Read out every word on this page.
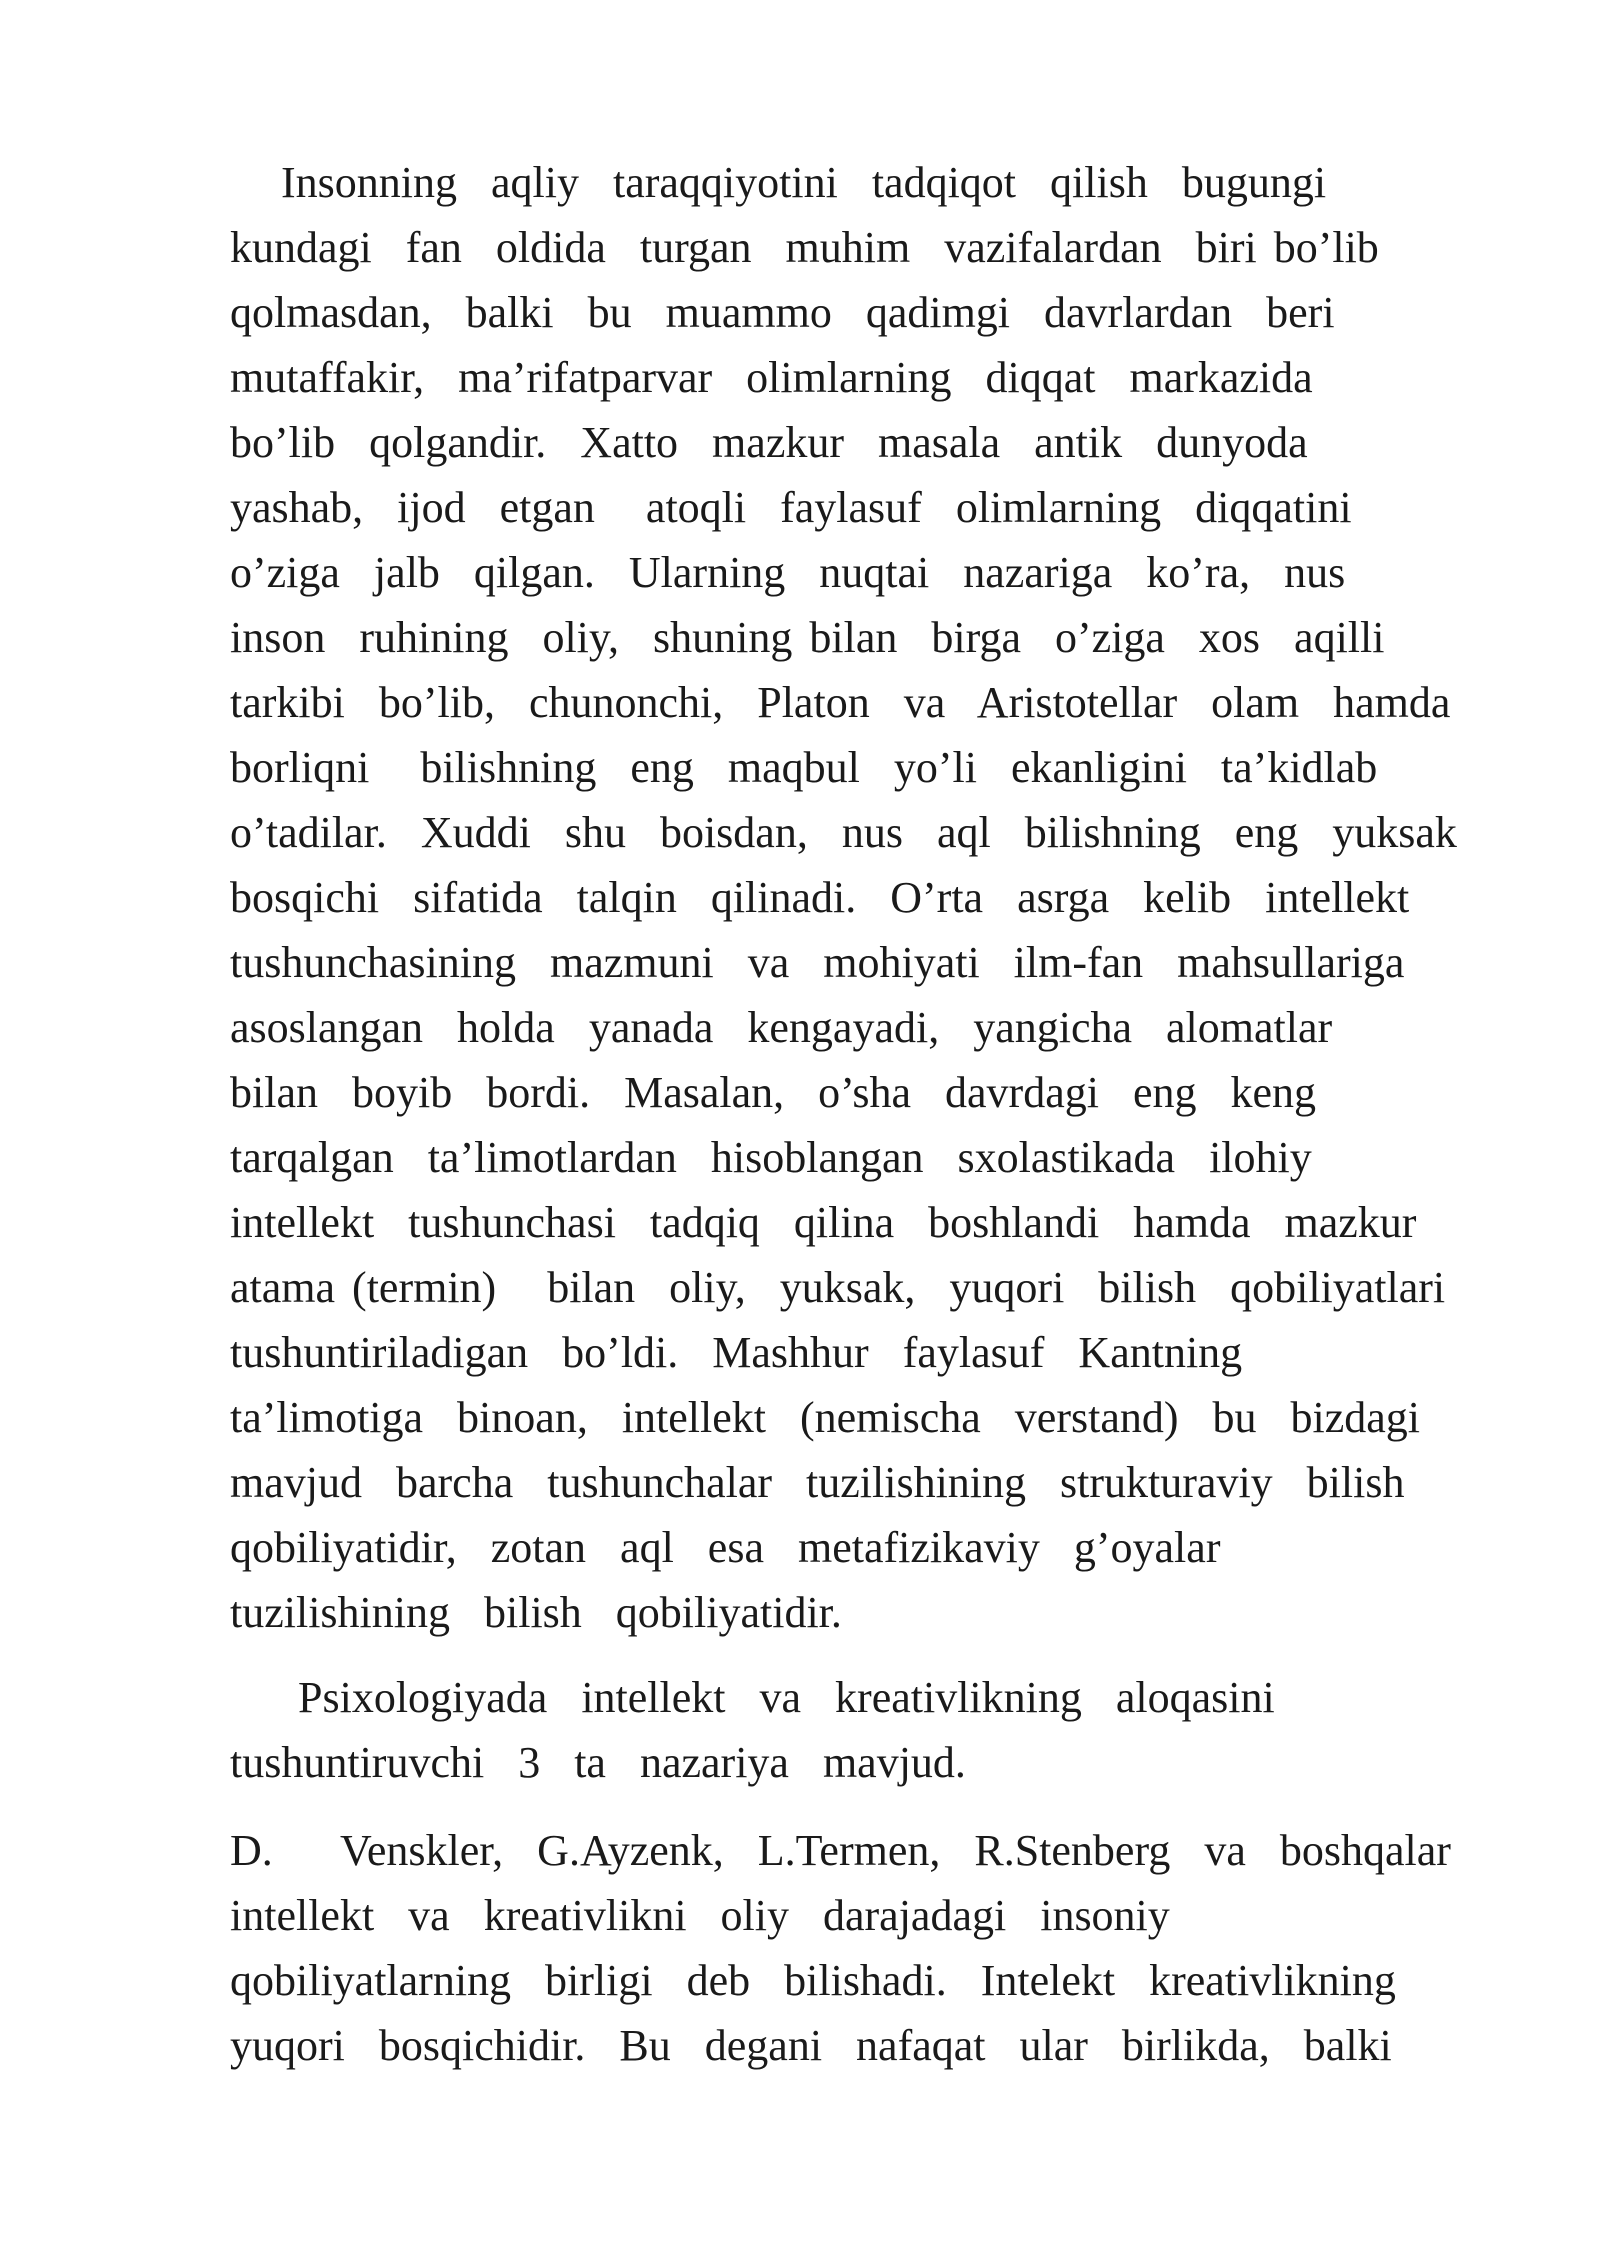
Insonning  aqliy  taraqqiyotini  tadqiqot  qilish  bugungi
kundagi  fan  oldida  turgan  muhim  vazifalardan  biri bo’lib
qolmasdan,  balki  bu  muammo  qadimgi  davrlardan  beri
mutaffakir,  ma’rifatparvar  olimlarning  diqqat  markazida
bo’lib  qolgandir.  Xatto  mazkur  masala  antik  dunyoda
yashab,  ijod  etgan   atoqli  faylasuf  olimlarning  diqqatini
o’ziga  jalb  qilgan.  Ularning  nuqtai  nazariga  ko’ra,  nus
inson  ruhining  oliy,  shuning bilan  birga  o’ziga  xos  aqilli
tarkibi  bo’lib,  chunonchi,  Platon  va  Aristotellar  olam  hamda
borliqni   bilishning  eng  maqbul  yo’li  ekanligini  ta’kidlab
o’tadilar.  Xuddi  shu  boisdan,  nus  aql  bilishning  eng  yuksak
bosqichi  sifatida  talqin  qilinadi.  O’rta  asrga  kelib  intellekt
tushunchasining  mazmuni  va  mohiyati  ilm-fan  mahsullariga
asoslangan  holda  yanada  kengayadi,  yangicha  alomatlar
bilan  boyib  bordi.  Masalan,  o’sha  davrdagi  eng  keng
tarqalgan  ta’limotlardan  hisoblangan  sxolastikada  ilohiy
intellekt  tushunchasi  tadqiq  qilina  boshlandi  hamda  mazkur
atama (termin)   bilan  oliy,  yuksak,  yuqori  bilish  qobiliyatlari
tushuntiriladigan  bo’ldi.  Mashhur  faylasuf  Kantning
ta’limotiga  binoan,  intellekt  (nemischa  verstand)  bu  bizdagi
mavjud  barcha  tushunchalar  tuzilishining  strukturaviy  bilish
qobiliyatidir,  zotan  aql  esa  metafizikaviy  g’oyalar
tuzilishining  bilish  qobiliyatidir.
Psixologiyada  intellekt  va  kreativlikning  aloqasini
tushuntiruvchi  3  ta  nazariya  mavjud.
D.    Venskler,  G.Ayzenk,  L.Termen,  R.Stenberg  va  boshqalar
intellekt  va  kreativlikni  oliy  darajadagi  insoniy
qobiliyatlarning  birligi  deb  bilishadi.  Intelekt  kreativlikning
yuqori  bosqichidir.  Bu  degani  nafaqat  ular  birlikda,  balki
